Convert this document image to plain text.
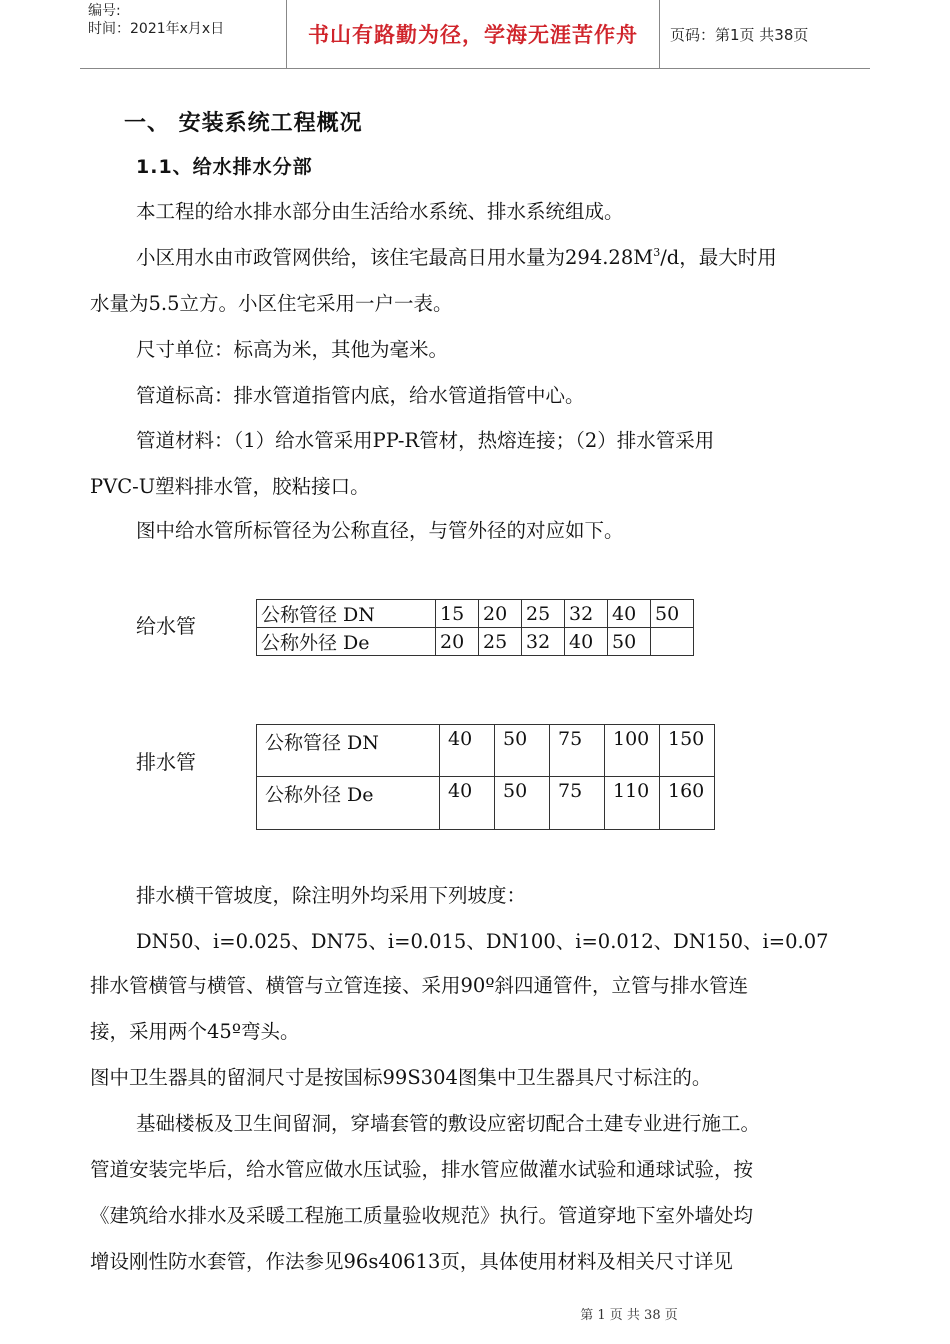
编号:
时间：2021年x月x日	书山有路勤为径，学海无涯苦作舟	页码：第1页 共38页
一、 安装系统工程概况
1.1、给水排水分部
本工程的给水排水部分由生活给水系统、排水系统组成。
小区用水由市政管网供给，该住宅最高日用水量为$294.28M^3/d$，最大时用
水量为5.5立方。小区住宅采用一户一表。
尺寸单位：标高为米，其他为毫米。
管道标高：排水管道指管内底，给水管道指管中心。
管道材料：（1）给水管采用PP-R管材，热熔连接；（2）排水管采用
PVC-U塑料排水管，胶粘接口。
图中给水管所标管径为公称直径，与管外径的对应如下。
给水管	公称管径 DN	15	20	25	32	40	50
公称外径 De	20	25	32	40	50	
排水管
公称管径 DN	40	50	75	100	150
公称外径 De	40	50	75	110	160
排水横干管坡度，除注明外均采用下列坡度：
DN50、i=0.025、DN75、i=0.015、DN100、i=0.012、DN150、i=0.07
排水管横管与横管、横管与立管连接、采用90º斜四通管件，立管与排水管连
接，采用两个45º弯头。
图中卫生器具的留洞尺寸是按国标99S304图集中卫生器具尺寸标注的。
基础楼板及卫生间留洞，穿墙套管的敷设应密切配合土建专业进行施工。
管道安装完毕后，给水管应做水压试验，排水管应做灌水试验和通球试验，按
《建筑给水排水及采暖工程施工质量验收规范》执行。管道穿地下室外墙处均
增设刚性防水套管，作法参见96s40613页，具体使用材料及相关尺寸详见
第 1 页 共 38 页
